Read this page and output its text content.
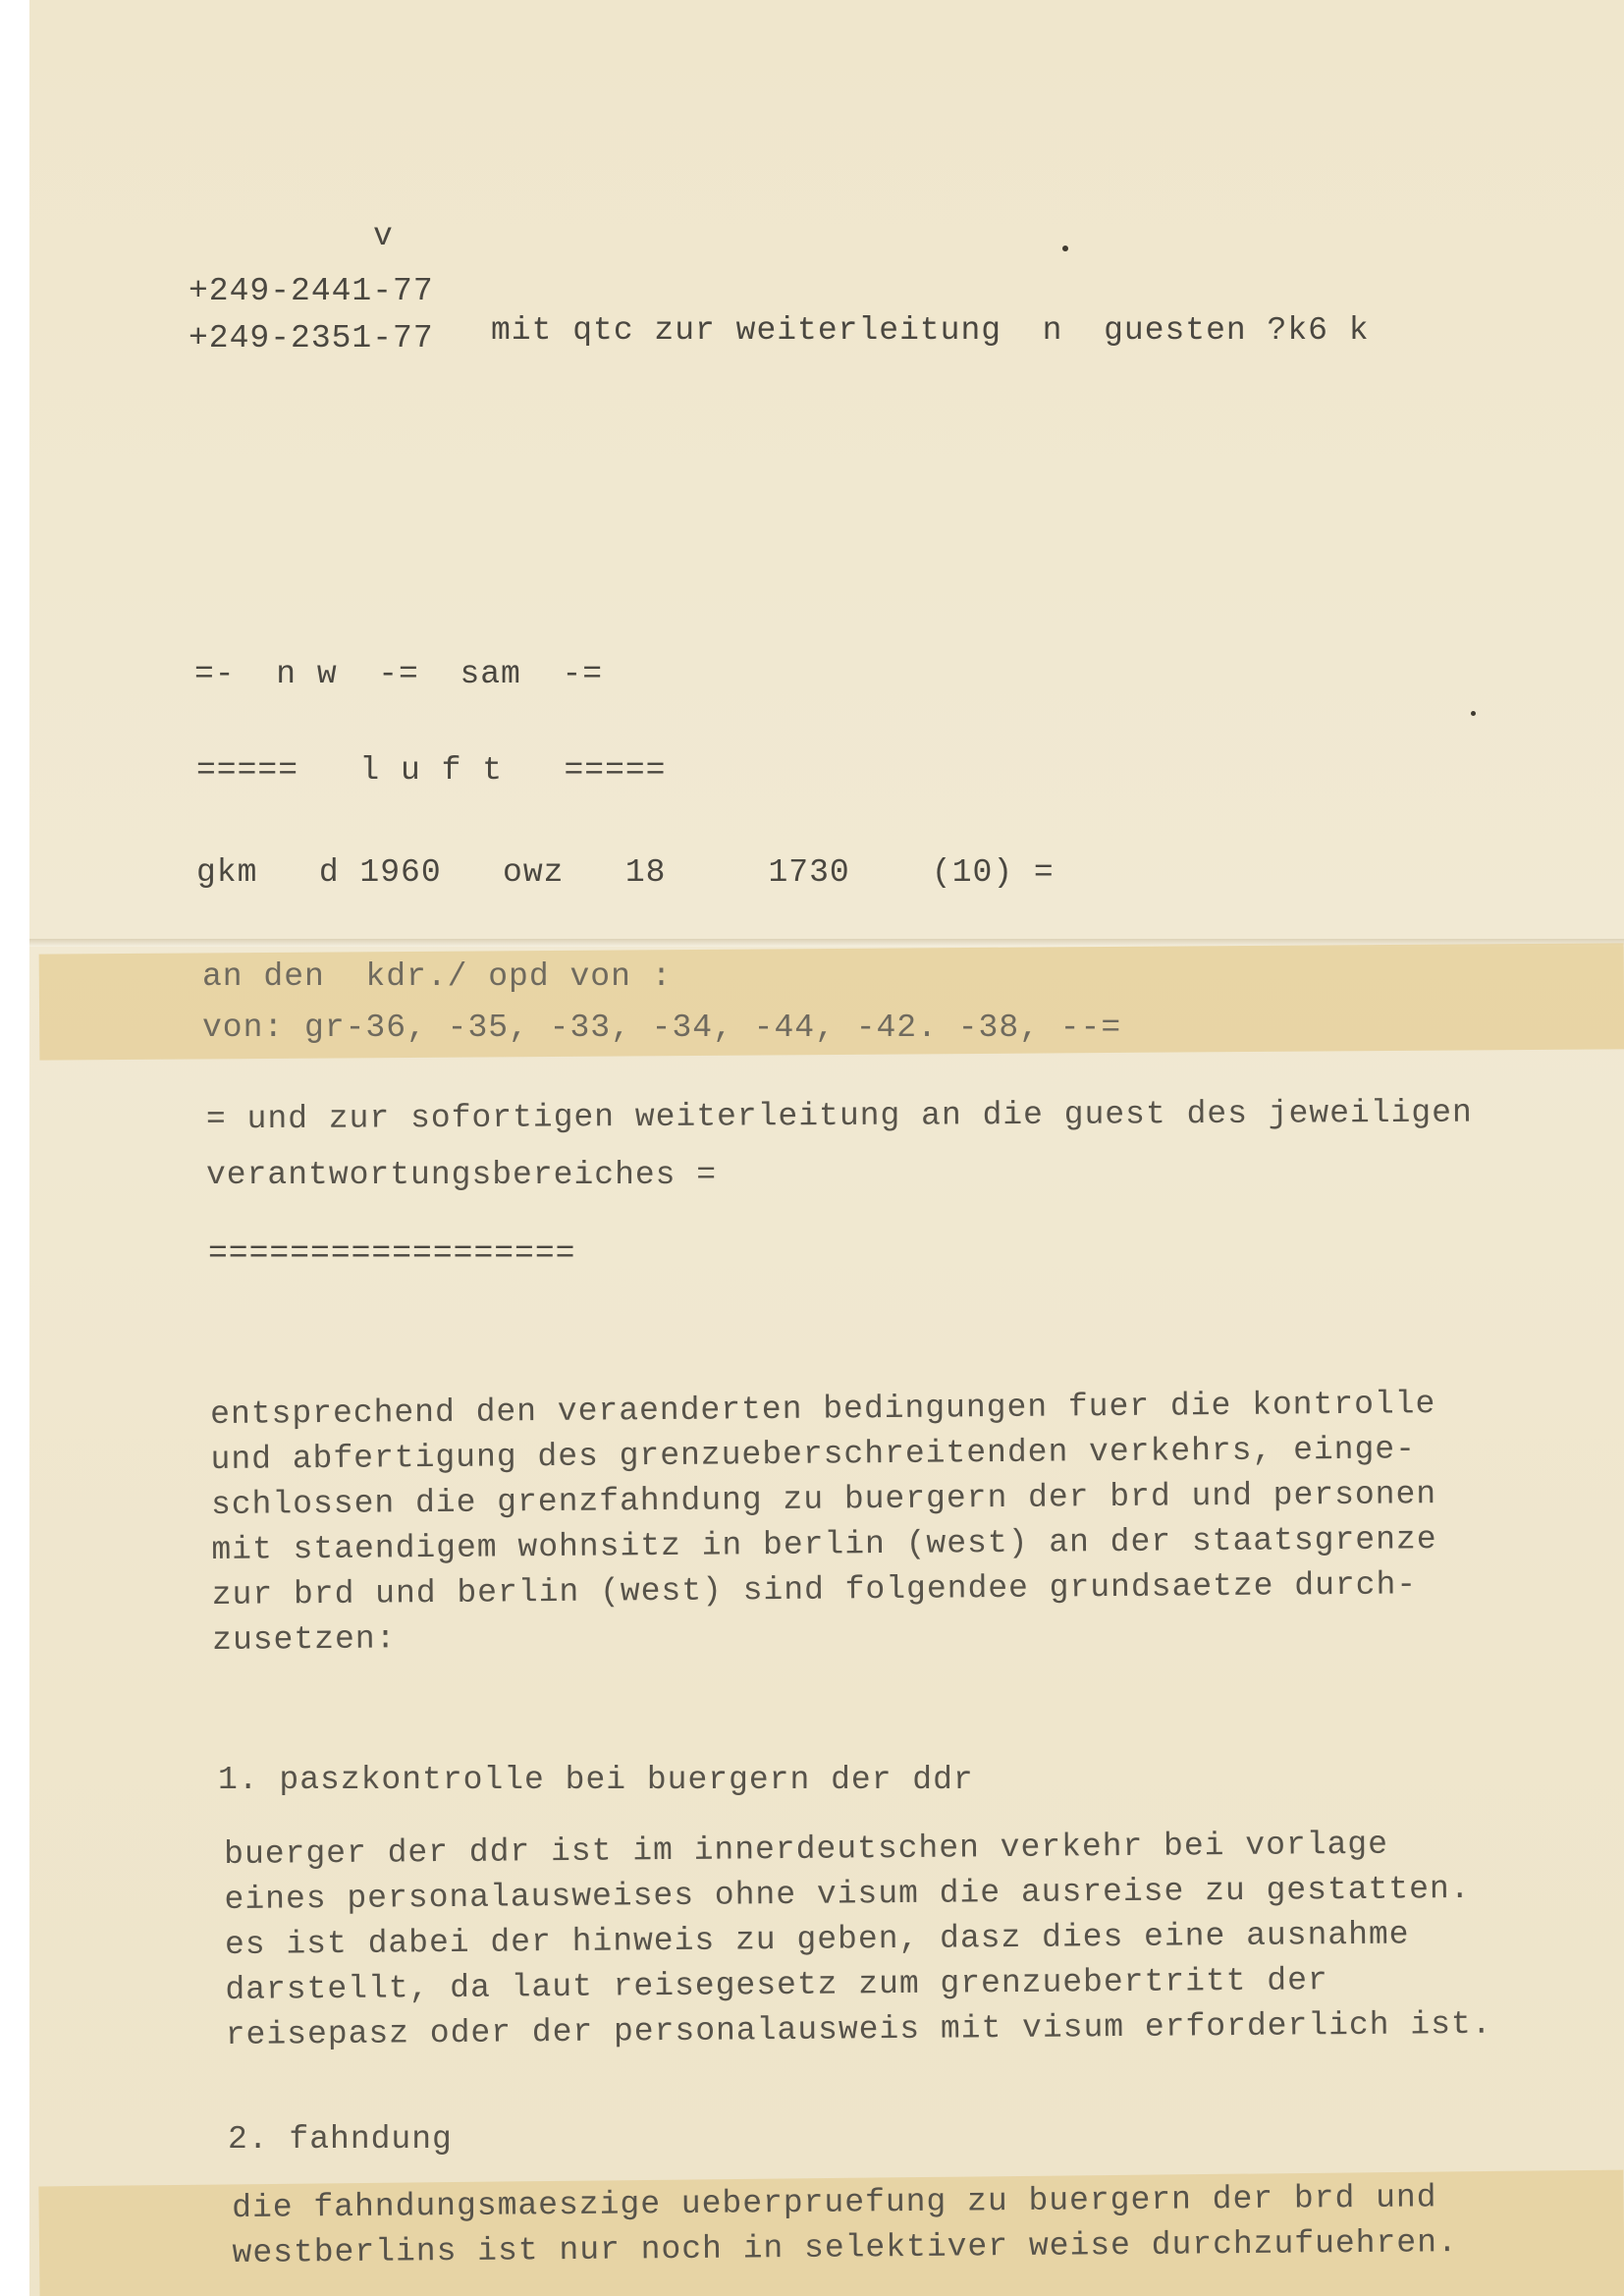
v
+249-2441-77
+249-2351-77 mit qtc zur weiterleitung  n  guesten ?k6 k
=-  n w  -=  sam  -=
=====   l u f t   =====
gkm   d 1960   owz   18     1730    (10) =
an den  kdr./ opd von :
von: gr-36, -35, -33, -34, -44, -42. -38, --=
= und zur sofortigen weiterleitung an die guest des jeweiligen
verantwortungsbereiches =
==================
entsprechend den veraenderten bedingungen fuer die kontrolle
und abfertigung des grenzueberschreitenden verkehrs, einge-
schlossen die grenzfahndung zu buergern der brd und personen
mit staendigem wohnsitz in berlin (west) an der staatsgrenze
zur brd und berlin (west) sind folgendee grundsaetze durch-
zusetzen:
1. paszkontrolle bei buergern der ddr
buerger der ddr ist im innerdeutschen verkehr bei vorlage
eines personalausweises ohne visum die ausreise zu gestatten.
es ist dabei der hinweis zu geben, dasz dies eine ausnahme
darstellt, da laut reisegesetz zum grenzuebertritt der
reisepasz oder der personalausweis mit visum erforderlich ist.
2. fahndung
die fahndungsmaeszige ueberpruefung zu buergern der brd und
westberlins ist nur noch in selektiver weise durchzufuehren.
